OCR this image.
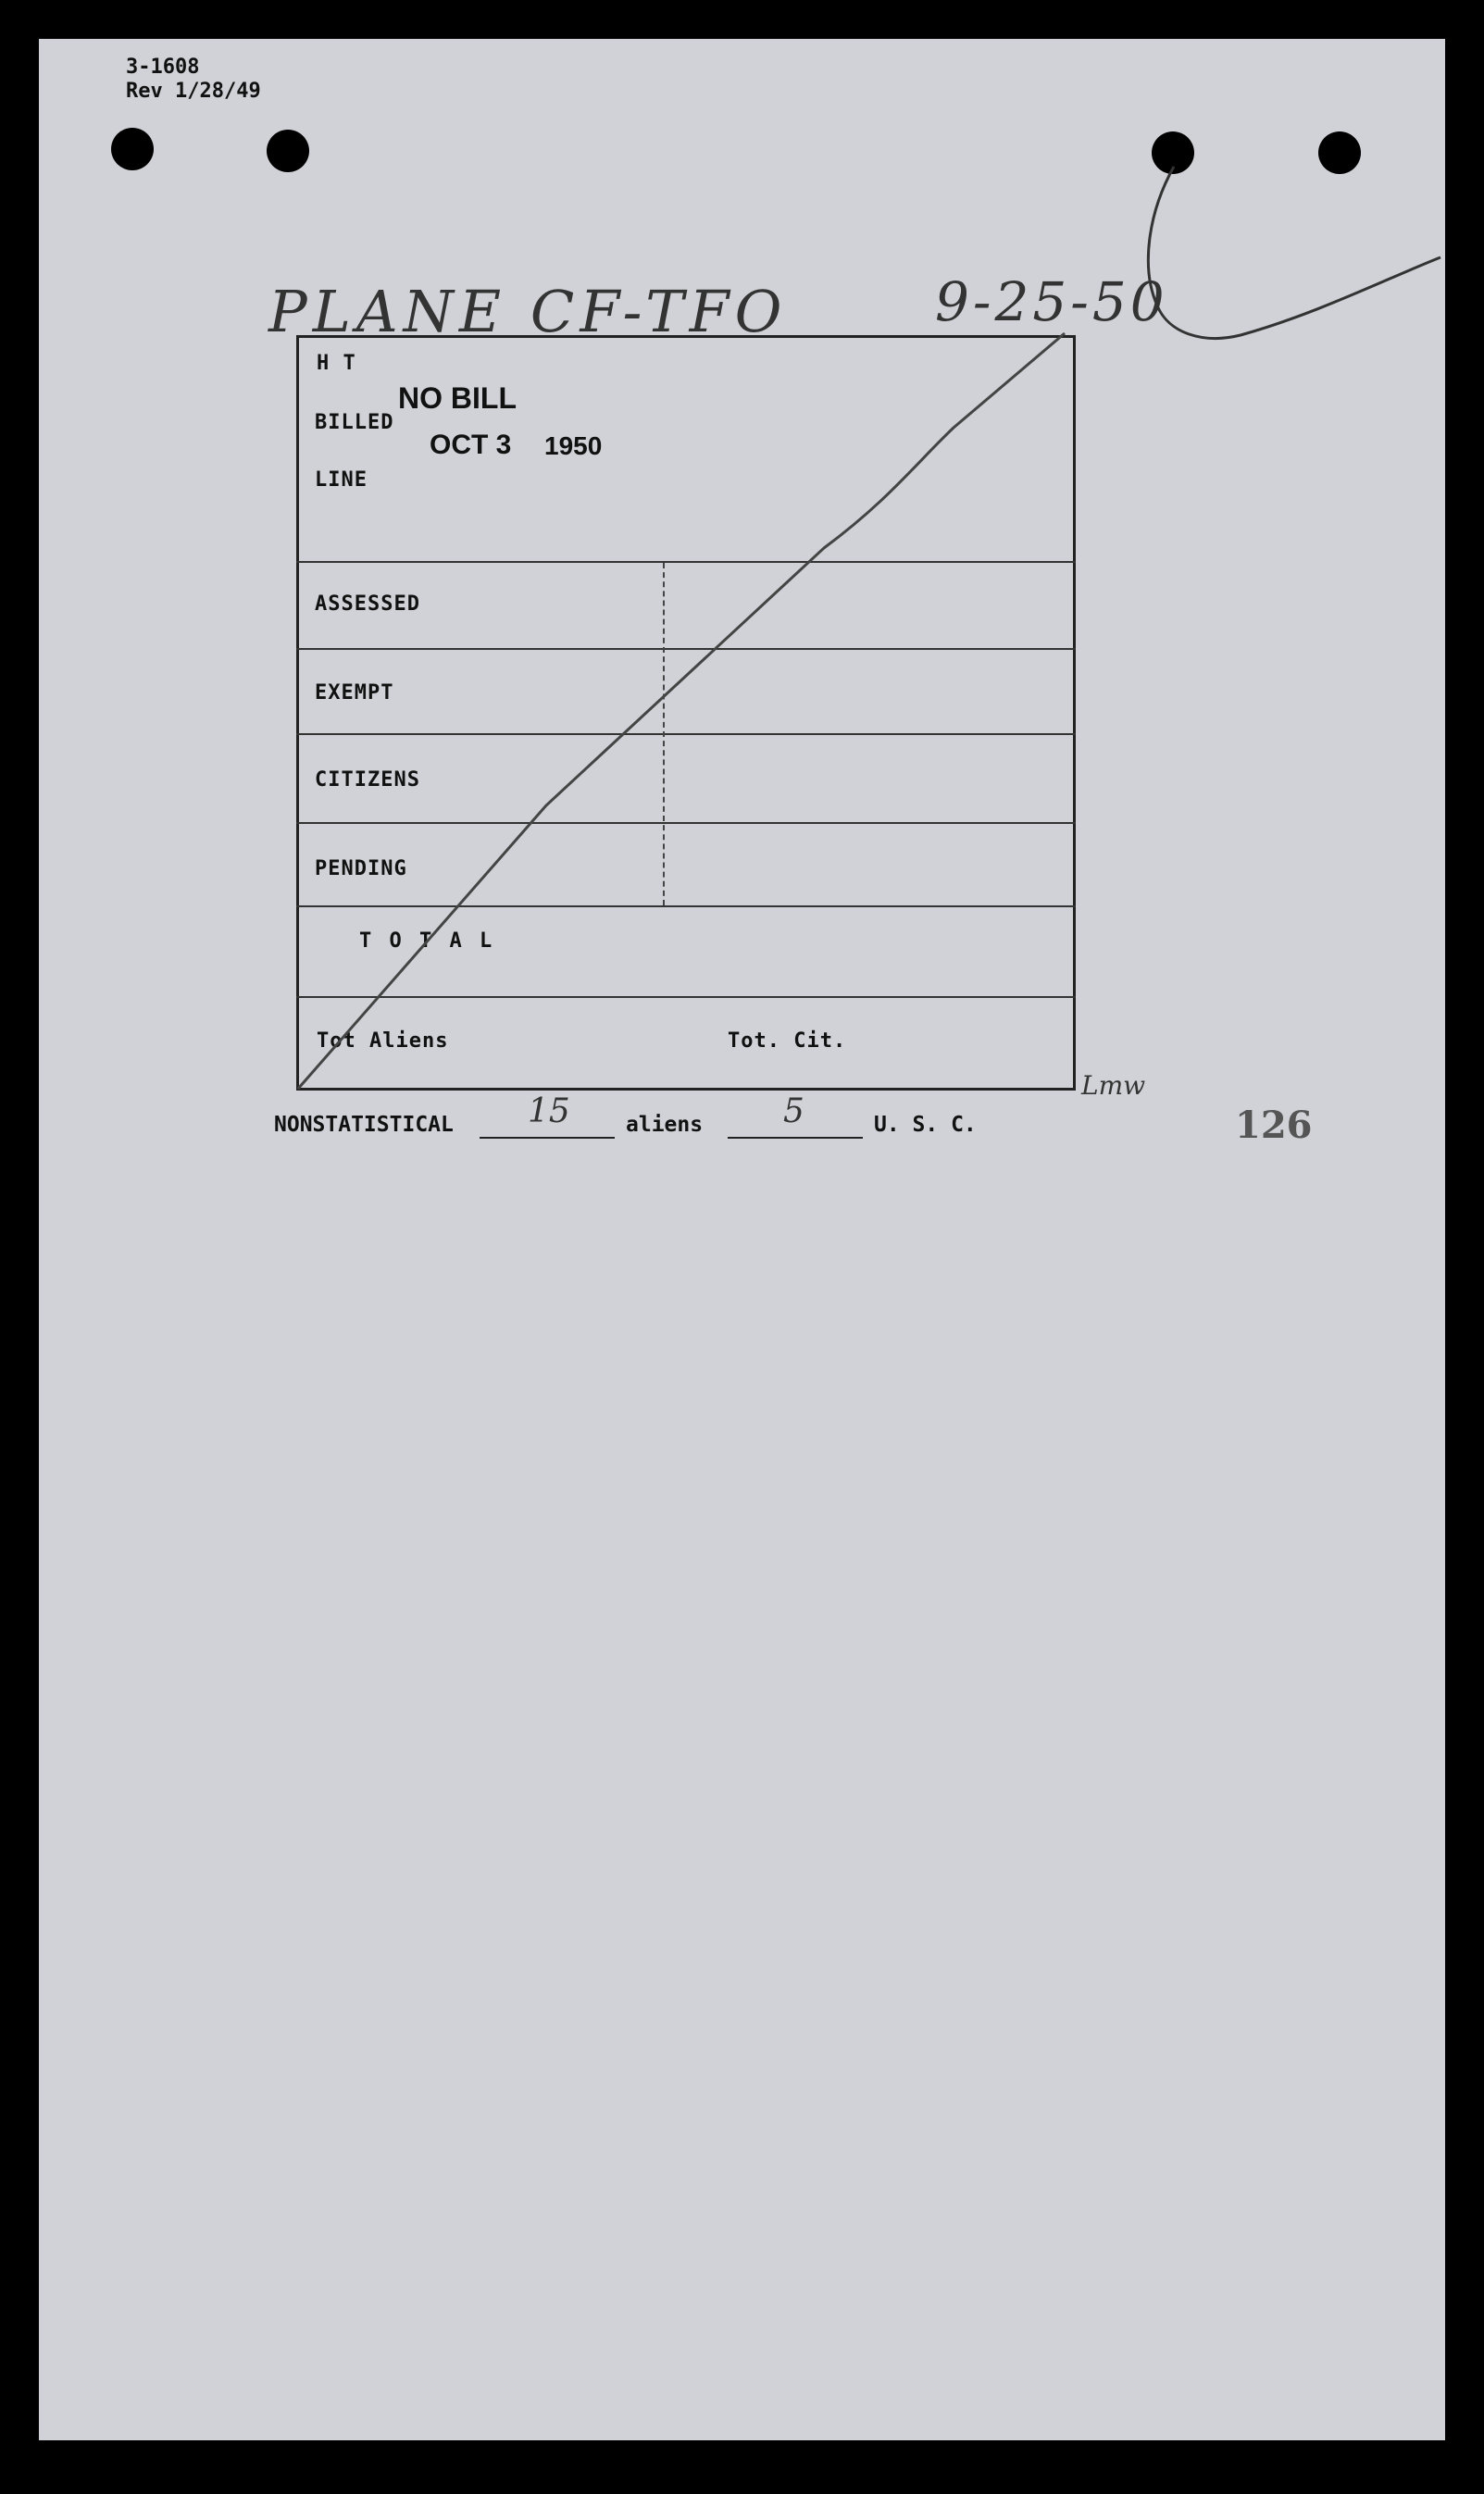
3-1608
Rev 1/28/49
PLANE CF-TFO	9-25-50
H T
BILLED
LINE
NO BILL
OCT 3 1950
ASSESSED
EXEMPT
CITIZENS
PENDING
T O T A L
Tot Aliens	Tot. Cit.
Lmw
NONSTATISTICAL 15	aliens 5	U. S. C.	126
